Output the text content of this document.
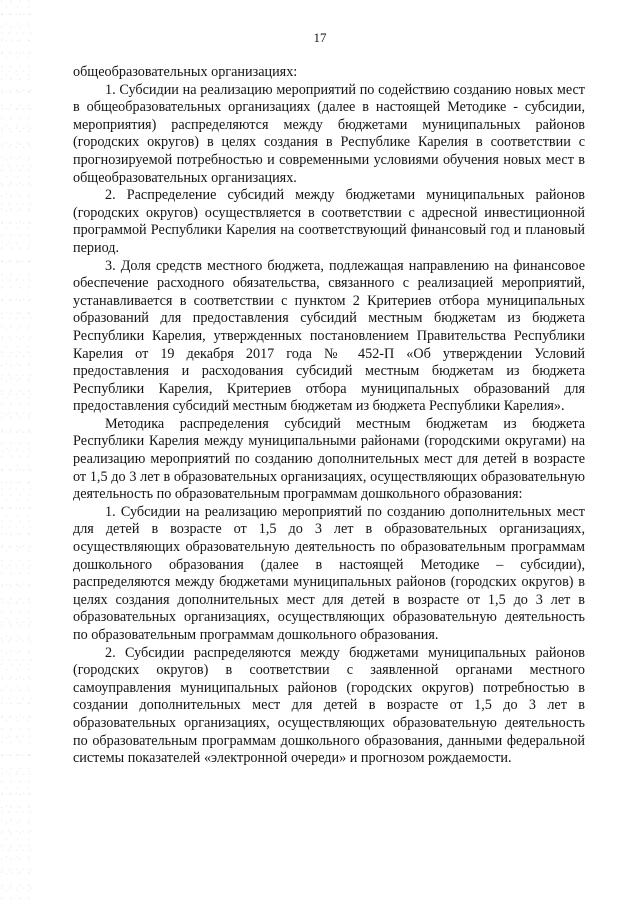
17

общеобразовательных организациях:

1. Субсидии на реализацию мероприятий по содействию созданию новых мест в общеобразовательных организациях (далее в настоящей Методике - субсидии, мероприятия) распределяются между бюджетами муниципальных районов (городских округов) в целях создания в Республике Карелия в соответствии с прогнозируемой потребностью и современными условиями обучения новых мест в общеобразовательных организациях.

2. Распределение субсидий между бюджетами муниципальных районов (городских округов) осуществляется в соответствии с адресной инвестиционной программой Республики Карелия на соответствующий финансовый год и плановый период.

3. Доля средств местного бюджета, подлежащая направлению на финансовое обеспечение расходного обязательства, связанного с реализацией мероприятий, устанавливается в соответствии с пунктом 2 Критериев отбора муниципальных образований для предоставления субсидий местным бюджетам из бюджета Республики Карелия, утвержденных постановлением Правительства Республики Карелия от 19 декабря 2017 года № 452-П «Об утверждении Условий предоставления и расходования субсидий местным бюджетам из бюджета Республики Карелия, Критериев отбора муниципальных образований для предоставления субсидий местным бюджетам из бюджета Республики Карелия».

Методика распределения субсидий местным бюджетам из бюджета Республики Карелия между муниципальными районами (городскими округами) на реализацию мероприятий по созданию дополнительных мест для детей в возрасте от 1,5 до 3 лет в образовательных организациях, осуществляющих образовательную деятельность по образовательным программам дошкольного образования:

1. Субсидии на реализацию мероприятий по созданию дополнительных мест для детей в возрасте от 1,5 до 3 лет в образовательных организациях, осуществляющих образовательную деятельность по образовательным программам дошкольного образования (далее в настоящей Методике – субсидии), распределяются между бюджетами муниципальных районов (городских округов) в целях создания дополнительных мест для детей в возрасте от 1,5 до 3 лет в образовательных организациях, осуществляющих образовательную деятельность по образовательным программам дошкольного образования.

2. Субсидии распределяются между бюджетами муниципальных районов (городских округов) в соответствии с заявленной органами местного самоуправления муниципальных районов (городских округов) потребностью в создании дополнительных мест для детей в возрасте от 1,5 до 3 лет в образовательных организациях, осуществляющих образовательную деятельность по образовательным программам дошкольного образования, данными федеральной системы показателей «электронной очереди» и прогнозом рождаемости.
